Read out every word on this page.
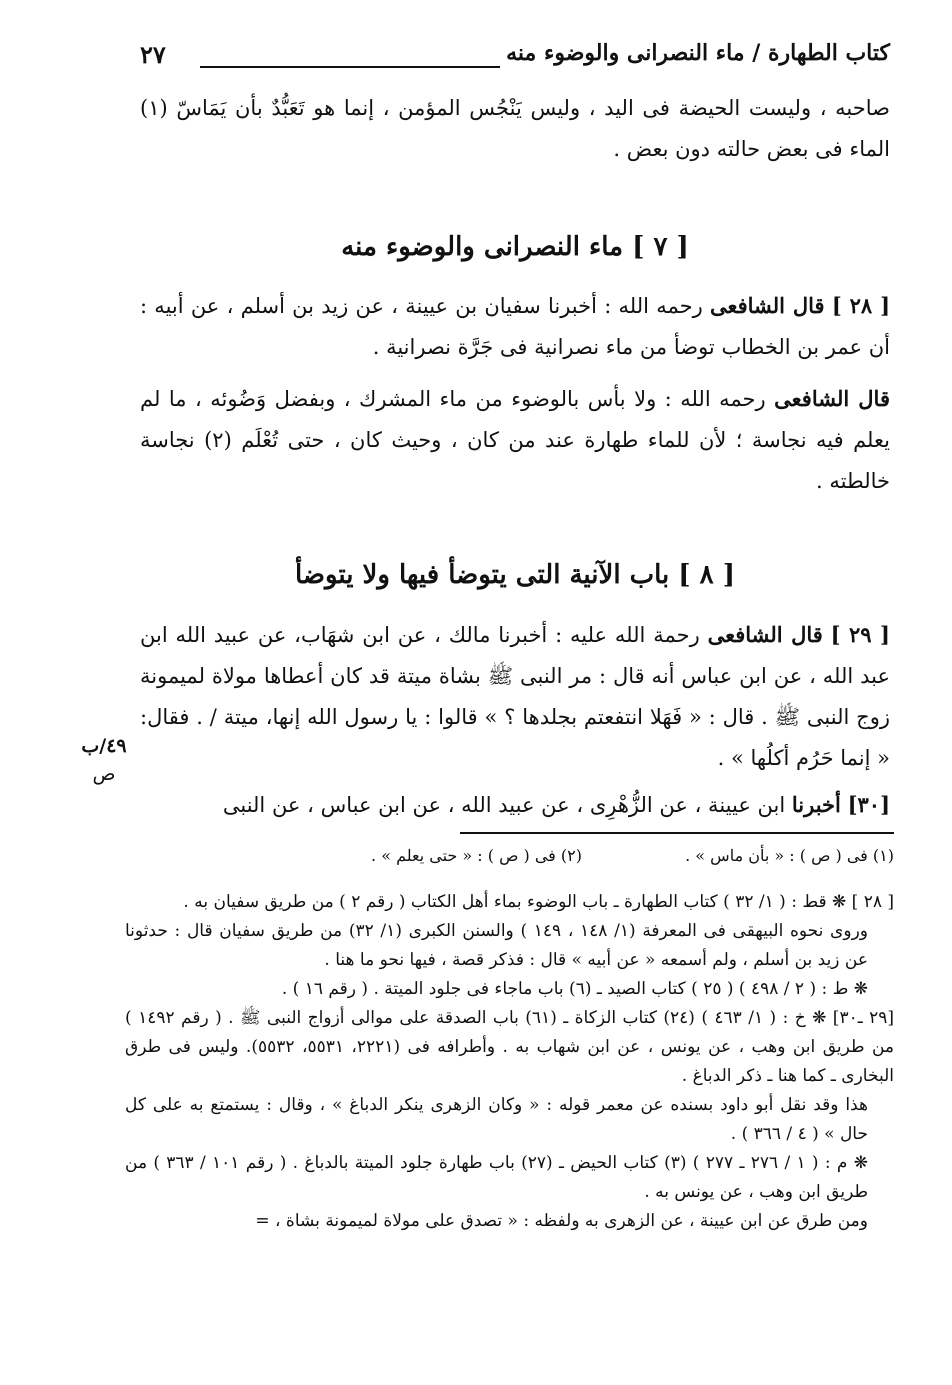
كتاب الطهارة / ماء النصرانى والوضوء منه
٢٧
صاحبه ، وليست الحيضة فى اليد ، وليس يَنْجُس المؤمن ، إنما هو تَعَبُّدٌ بأن يَمَاسّ (١) الماء فى بعض حالته دون بعض .
[ ٧ ] ماء النصرانى والوضوء منه
[ ٢٨ ] قال الشافعى رحمه الله : أخبرنا سفيان بن عيينة ، عن زيد بن أسلم ، عن أبيه : أن عمر بن الخطاب توضأ من ماء نصرانية فى جَرَّة نصرانية .
قال الشافعى رحمه الله : ولا بأس بالوضوء من ماء المشرك ، وبفضل وَضُوئه ، ما لم يعلم فيه نجاسة ؛ لأن للماء طهارة عند من كان ، وحيث كان ، حتى تُعْلَم (٢) نجاسة خالطته .
[ ٨ ] باب الآنية التى يتوضأ فيها ولا يتوضأ
[ ٢٩ ] قال الشافعى رحمة الله عليه : أخبرنا مالك ، عن ابن شهَاب، عن عبيد الله ابن عبد الله ، عن ابن عباس أنه قال : مر النبى ﷺ بشاة ميتة قد كان أعطاها مولاة لميمونة زوج النبى ﷺ . قال : « فَهَلا انتفعتم بجلدها ؟ » قالوا : يا رسول الله إنها، ميتة / . فقال: « إنما حَرُم أكلُها » .
[٣٠] أخبرنا ابن عيينة ، عن الزُّهْرِى ، عن عبيد الله ، عن ابن عباس ، عن النبى
٤٩/ب
ص
(١) فى ( ص ) : « بأن ماس » .
(٢) فى ( ص ) : « حتى يعلم » .

[ ٢٨ ] ❋ قط : ( ١/ ٣٢ ) كتاب الطهارة ـ باب الوضوء بماء أهل الكتاب ( رقم ٢ ) من طريق سفيان به .

وروى نحوه البيهقى فى المعرفة (١/ ١٤٨ ، ١٤٩ ) والسنن الكبرى (١/ ٣٢) من طريق سفيان قال : حدثونا عن زيد بن أسلم ، ولم أسمعه « عن أبيه » قال : فذكر قصة ، فيها نحو ما هنا .

❋ ط : ( ٢ / ٤٩٨ ) ( ٢٥ ) كتاب الصيد ـ (٦) باب ماجاء فى جلود الميتة . ( رقم ١٦ ) .

[٢٩ ـ٣٠] ❋ خ : ( ١/ ٤٦٣ ) (٢٤) كتاب الزكاة ـ (٦١) باب الصدقة على موالى أزواج النبى ﷺ . ( رقم ١٤٩٢ ) من طريق ابن وهب ، عن يونس ، عن ابن شهاب به . وأطرافه فى (٢٢٢١، ٥٥٣١، ٥٥٣٢). وليس فى طرق البخارى ـ كما هنا ـ ذكر الدباغ .

هذا وقد نقل أبو داود بسنده عن معمر قوله : « وكان الزهرى ينكر الدباغ » ، وقال : يستمتع به على كل حال » ( ٤ / ٣٦٦ ) .

❋ م : ( ١ / ٢٧٦ ـ ٢٧٧ ) (٣) كتاب الحيض ـ (٢٧) باب طهارة جلود الميتة بالدباغ . ( رقم ١٠١ / ٣٦٣ ) من طريق ابن وهب ، عن يونس به .

ومن طرق عن ابن عيينة ، عن الزهرى به ولفظه : « تصدق على مولاة لميمونة بشاة ، =
